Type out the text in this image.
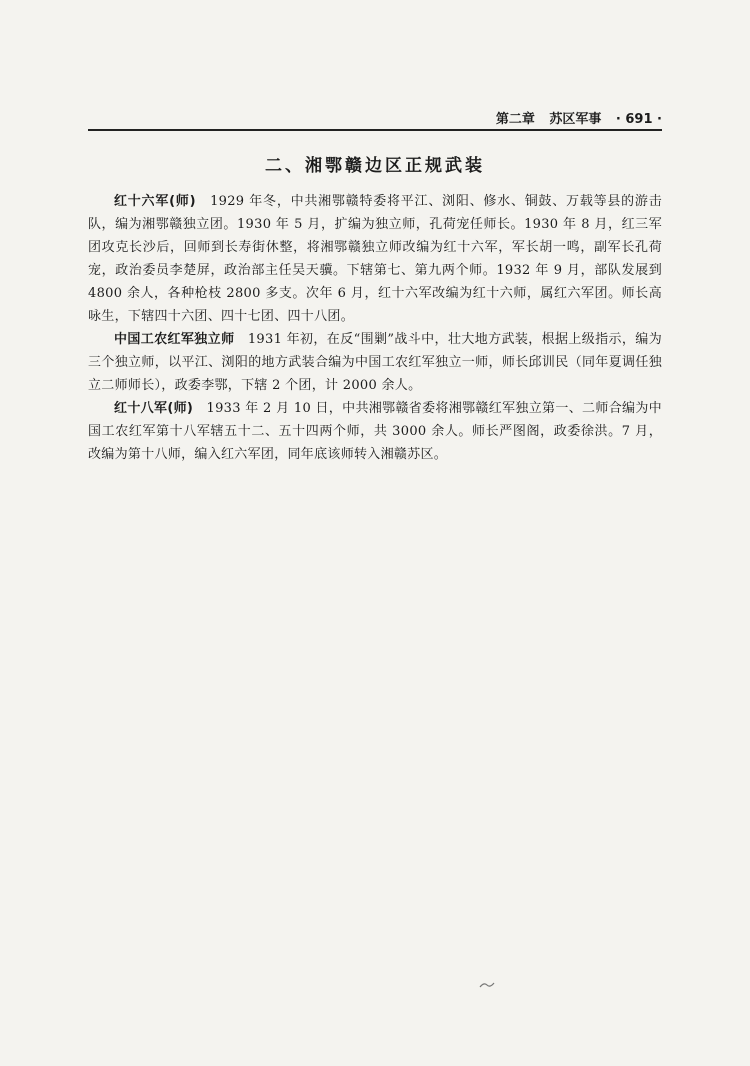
第二章 苏区军事 · 691 ·
二、湘鄂赣边区正规武装

红十六军(师)　 1929 年冬，中共湘鄂赣特委将平江、浏阳、修水、铜鼓、万载等县的游击队，编为湘鄂赣独立团。1930 年 5 月，扩编为独立师，孔荷宠任师长。1930 年 8 月，红三军团攻克长沙后，回师到长寿街休整，将湘鄂赣独立师改编为红十六军，军长胡一鸣，副军长孔荷宠，政治委员李楚屏，政治部主任吴天骥。下辖第七、第九两个师。1932 年 9 月，部队发展到 4800 余人，各种枪枝 2800 多支。次年 6 月，红十六军改编为红十六师，属红六军团。师长高咏生，下辖四十六团、四十七团、四十八团。

中国工农红军独立师　 1931 年初，在反“围剿”战斗中，壮大地方武装，根据上级指示，编为三个独立师，以平江、浏阳的地方武装合编为中国工农红军独立一师，师长邱训民（同年夏调任独立二师师长），政委李鄂，下辖 2 个团，计 2000 余人。

红十八军(师)　 1933 年 2 月 10 日，中共湘鄂赣省委将湘鄂赣红军独立第一、二师合编为中国工农红军第十八军辖五十二、五十四两个师，共 3000 余人。师长严图阁，政委徐洪。7 月，改编为第十八师，编入红六军团，同年底该师转入湘赣苏区。
